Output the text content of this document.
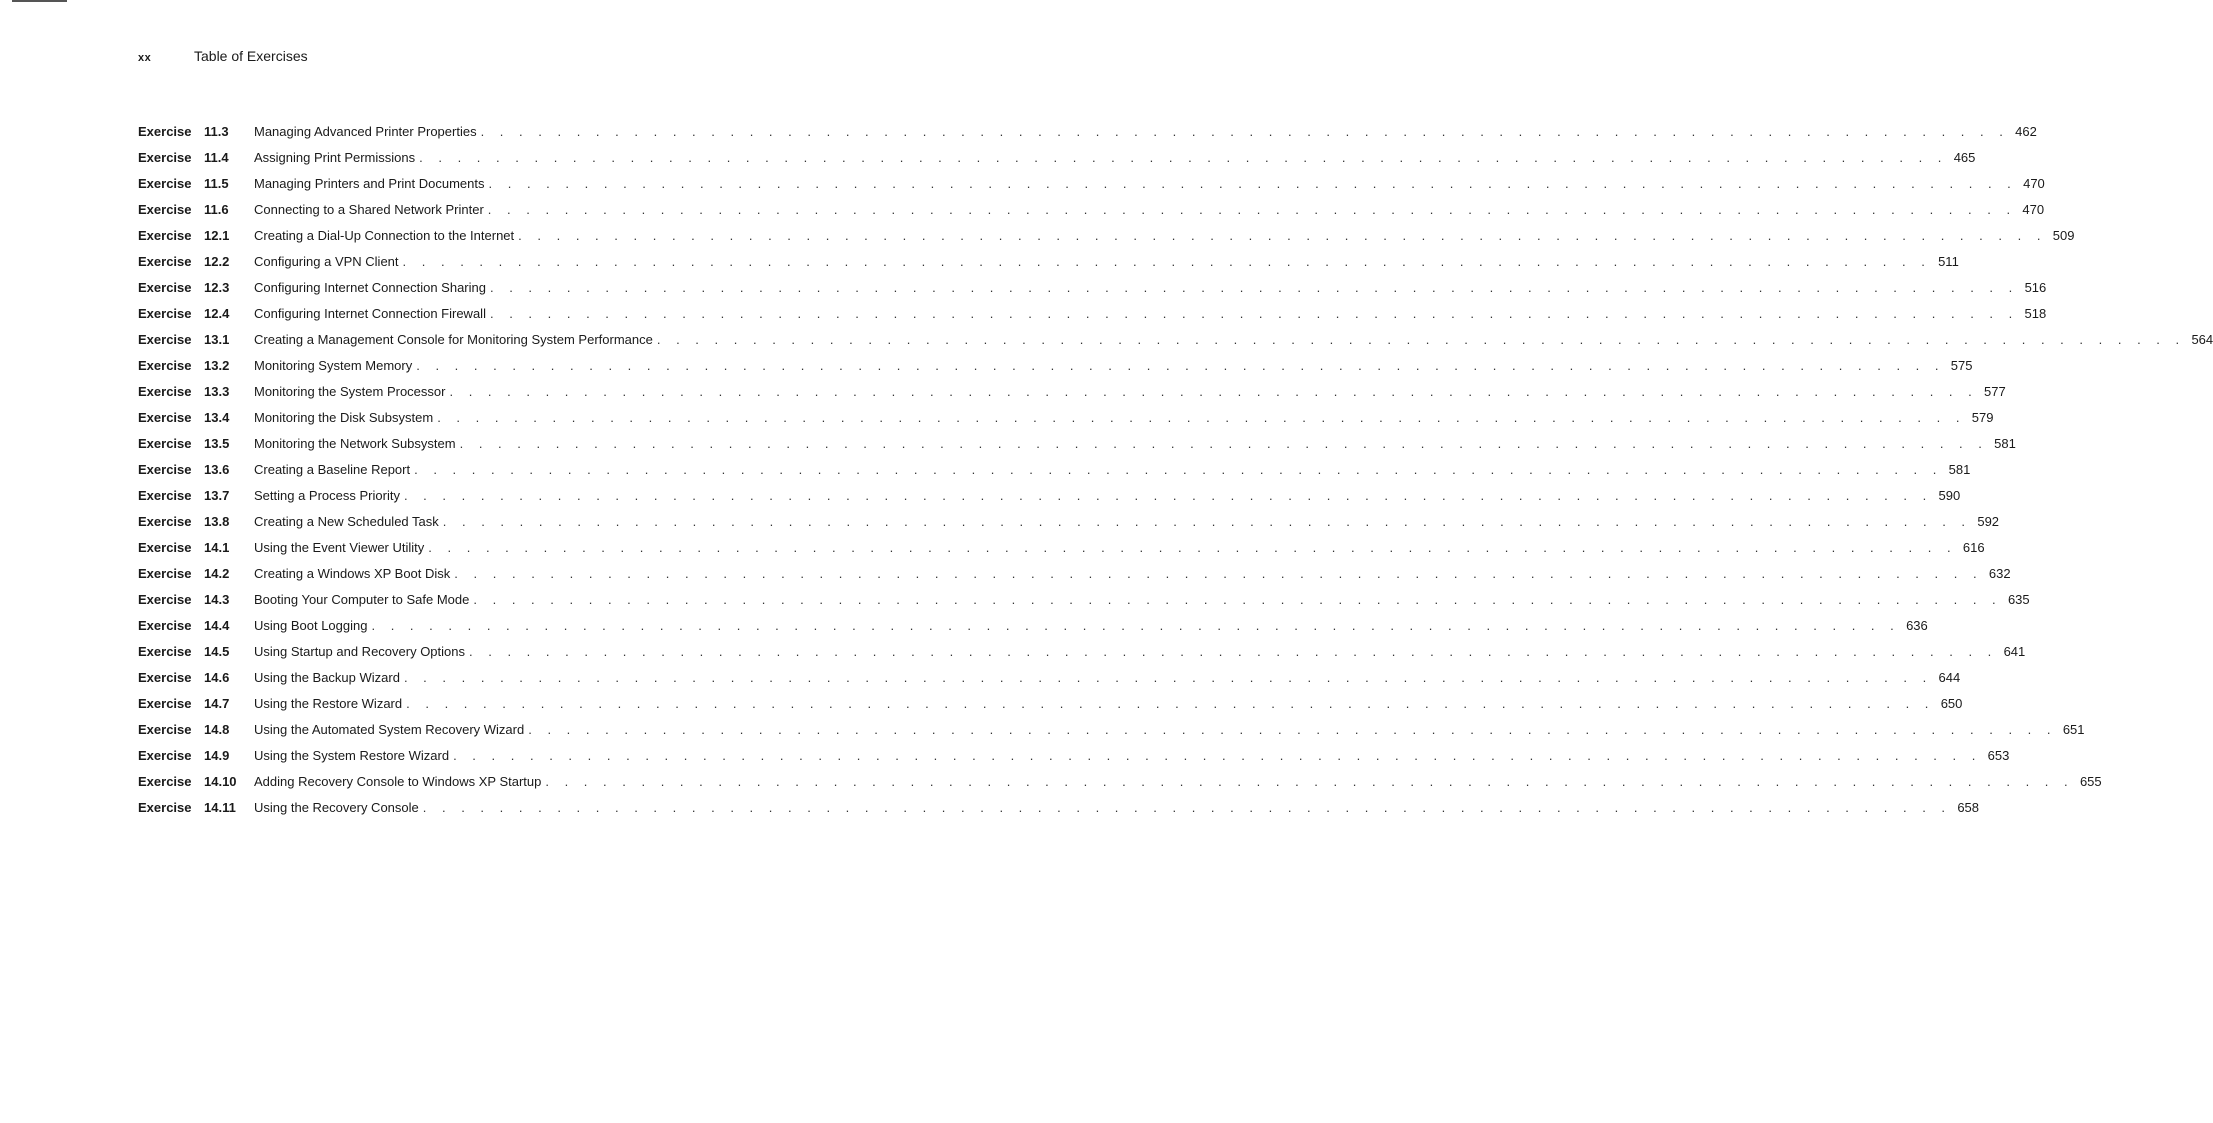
xx	Table of Exercises
Exercise 11.3	Managing Advanced Printer Properties . . . . . . . . . . . . . . . . . . . . . . . . . . . . . . . . . . . . . . . . . . . . . . . . . . . . . . . . . . . . . . . . . . . . . . . . . . . . . . . . 462
Exercise 11.4	Assigning Print Permissions . . . . . . . . . . . . . . . . . . . . . . . . . . . . . . . . . . . . . . . . . . . . . . . . . . . . . . . . . . . . . . . . . . . . . . . . . . . . . . . . 465
Exercise 11.5	Managing Printers and Print Documents . . . . . . . . . . . . . . . . . . . . . . . . . . . . . . . . . . . . . . . . . . . . . . . . . . . . . . . . . . . . . . . . . . . . . . . . . . . . . . . . 470
Exercise 11.6	Connecting to a Shared Network Printer . . . . . . . . . . . . . . . . . . . . . . . . . . . . . . . . . . . . . . . . . . . . . . . . . . . . . . . . . . . . . . . . . . . . . . . . . . . . . . . . 470
Exercise 12.1	Creating a Dial-Up Connection to the Internet . . . . . . . . . . . . . . . . . . . . . . . . . . . . . . . . . . . . . . . . . . . . . . . . . . . . . . . . . . . . . . . . . . . . . . . . . . . . . . . . 509
Exercise 12.2	Configuring a VPN Client . . . . . . . . . . . . . . . . . . . . . . . . . . . . . . . . . . . . . . . . . . . . . . . . . . . . . . . . . . . . . . . . . . . . . . . . . . . . . . . . 511
Exercise 12.3	Configuring Internet Connection Sharing . . . . . . . . . . . . . . . . . . . . . . . . . . . . . . . . . . . . . . . . . . . . . . . . . . . . . . . . . . . . . . . . . . . . . . . . . . . . . . . . 516
Exercise 12.4	Configuring Internet Connection Firewall . . . . . . . . . . . . . . . . . . . . . . . . . . . . . . . . . . . . . . . . . . . . . . . . . . . . . . . . . . . . . . . . . . . . . . . . . . . . . . . . 518
Exercise 13.1	Creating a Management Console for Monitoring System Performance . . . . . . . . . . . . . . . . . . . . . . . . . . . . . . . . . . . . . . . . . . . . . . . . . . . . . . . . . . . . . . . . . . . . . . . . . . . . . . . . 564
Exercise 13.2	Monitoring System Memory . . . . . . . . . . . . . . . . . . . . . . . . . . . . . . . . . . . . . . . . . . . . . . . . . . . . . . . . . . . . . . . . . . . . . . . . . . . . . . . . 575
Exercise 13.3	Monitoring the System Processor . . . . . . . . . . . . . . . . . . . . . . . . . . . . . . . . . . . . . . . . . . . . . . . . . . . . . . . . . . . . . . . . . . . . . . . . . . . . . . . . 577
Exercise 13.4	Monitoring the Disk Subsystem . . . . . . . . . . . . . . . . . . . . . . . . . . . . . . . . . . . . . . . . . . . . . . . . . . . . . . . . . . . . . . . . . . . . . . . . . . . . . . . . 579
Exercise 13.5	Monitoring the Network Subsystem . . . . . . . . . . . . . . . . . . . . . . . . . . . . . . . . . . . . . . . . . . . . . . . . . . . . . . . . . . . . . . . . . . . . . . . . . . . . . . . . 581
Exercise 13.6	Creating a Baseline Report . . . . . . . . . . . . . . . . . . . . . . . . . . . . . . . . . . . . . . . . . . . . . . . . . . . . . . . . . . . . . . . . . . . . . . . . . . . . . . . . 581
Exercise 13.7	Setting a Process Priority . . . . . . . . . . . . . . . . . . . . . . . . . . . . . . . . . . . . . . . . . . . . . . . . . . . . . . . . . . . . . . . . . . . . . . . . . . . . . . . . 590
Exercise 13.8	Creating a New Scheduled Task . . . . . . . . . . . . . . . . . . . . . . . . . . . . . . . . . . . . . . . . . . . . . . . . . . . . . . . . . . . . . . . . . . . . . . . . . . . . . . . . 592
Exercise 14.1	Using the Event Viewer Utility . . . . . . . . . . . . . . . . . . . . . . . . . . . . . . . . . . . . . . . . . . . . . . . . . . . . . . . . . . . . . . . . . . . . . . . . . . . . . . . . 616
Exercise 14.2	Creating a Windows XP Boot Disk . . . . . . . . . . . . . . . . . . . . . . . . . . . . . . . . . . . . . . . . . . . . . . . . . . . . . . . . . . . . . . . . . . . . . . . . . . . . . . . . 632
Exercise 14.3	Booting Your Computer to Safe Mode . . . . . . . . . . . . . . . . . . . . . . . . . . . . . . . . . . . . . . . . . . . . . . . . . . . . . . . . . . . . . . . . . . . . . . . . . . . . . . . . 635
Exercise 14.4	Using Boot Logging . . . . . . . . . . . . . . . . . . . . . . . . . . . . . . . . . . . . . . . . . . . . . . . . . . . . . . . . . . . . . . . . . . . . . . . . . . . . . . . . 636
Exercise 14.5	Using Startup and Recovery Options . . . . . . . . . . . . . . . . . . . . . . . . . . . . . . . . . . . . . . . . . . . . . . . . . . . . . . . . . . . . . . . . . . . . . . . . . . . . . . . . 641
Exercise 14.6	Using the Backup Wizard . . . . . . . . . . . . . . . . . . . . . . . . . . . . . . . . . . . . . . . . . . . . . . . . . . . . . . . . . . . . . . . . . . . . . . . . . . . . . . . . 644
Exercise 14.7	Using the Restore Wizard . . . . . . . . . . . . . . . . . . . . . . . . . . . . . . . . . . . . . . . . . . . . . . . . . . . . . . . . . . . . . . . . . . . . . . . . . . . . . . . . 650
Exercise 14.8	Using the Automated System Recovery Wizard . . . . . . . . . . . . . . . . . . . . . . . . . . . . . . . . . . . . . . . . . . . . . . . . . . . . . . . . . . . . . . . . . . . . . . . . . . . . . . . . 651
Exercise 14.9	Using the System Restore Wizard . . . . . . . . . . . . . . . . . . . . . . . . . . . . . . . . . . . . . . . . . . . . . . . . . . . . . . . . . . . . . . . . . . . . . . . . . . . . . . . . 653
Exercise 14.10	Adding Recovery Console to Windows XP Startup . . . . . . . . . . . . . . . . . . . . . . . . . . . . . . . . . . . . . . . . . . . . . . . . . . . . . . . . . . . . . . . . . . . . . . . . . . . . . . . . 655
Exercise 14.11	Using the Recovery Console . . . . . . . . . . . . . . . . . . . . . . . . . . . . . . . . . . . . . . . . . . . . . . . . . . . . . . . . . . . . . . . . . . . . . . . . . . . . . . . . 658
